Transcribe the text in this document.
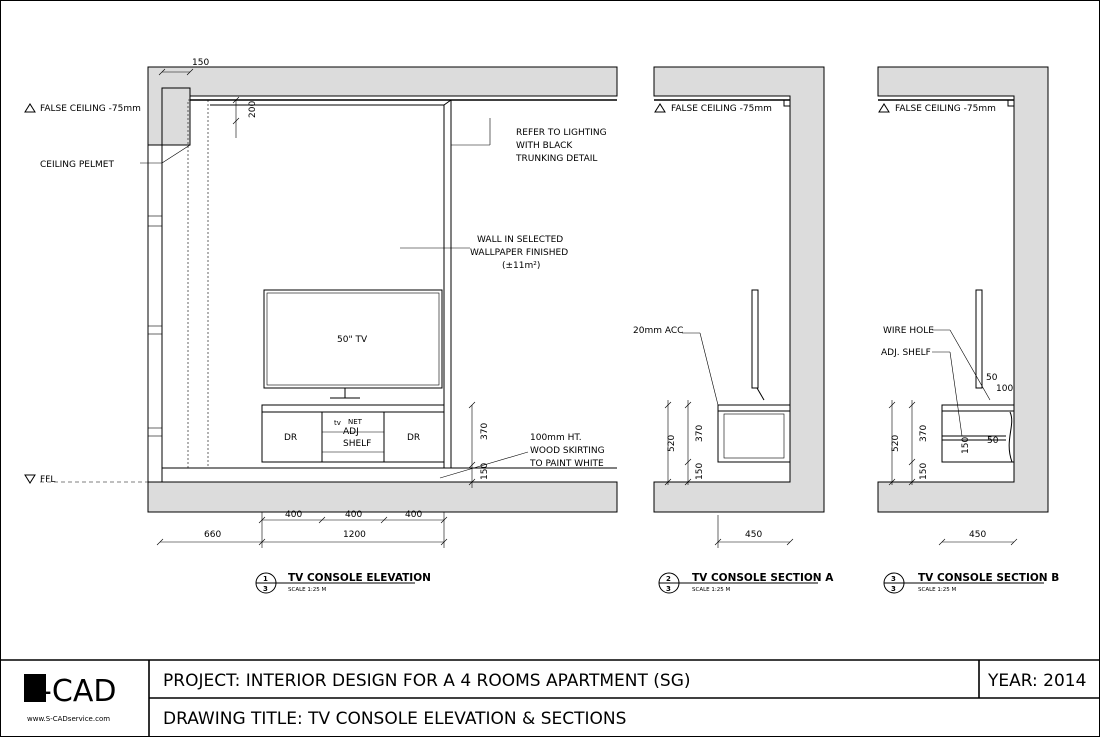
FALSE CEILING -75mm
CEILING PELMET
FFL
REFER TO LIGHTING
WITH BLACK
TRUNKING DETAIL
WALL IN SELECTED
WALLPAPER FINISHED
(±11m²)
50" TV
DR	DR
tv NET
ADJ
SHELF
100mm HT.
WOOD SKIRTING
TO PAINT WHITE
FALSE CEILING -75mm
20mm ACC
FALSE CEILING -75mm
WIRE HOLE
ADJ. SHELF
150
200
370
150
400	400	400
660	1200
520
370
150
450
520
370
150
150
50
100
50
450
1
3
TV CONSOLE ELEVATION
SCALE 1:25 M
2
3
TV CONSOLE SECTION A
SCALE 1:25 M
3
3
TV CONSOLE SECTION B
SCALE 1:25 M
S-CAD
www.S-CADservice.com
PROJECT: INTERIOR DESIGN FOR A 4 ROOMS APARTMENT (SG)
DRAWING TITLE: TV CONSOLE ELEVATION & SECTIONS
YEAR: 2014
